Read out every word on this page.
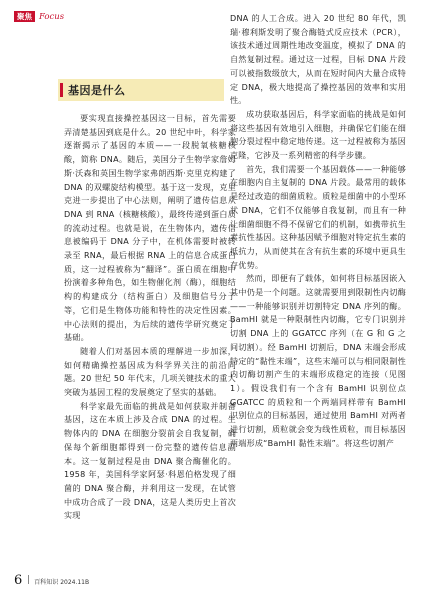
聚焦 Focus
基因是什么

要实现直接操控基因这一目标，首先需要弄清楚基因到底是什么。20 世纪中叶，科学家逐渐揭示了基因的本质——一段脱氧核糖核酸，简称 DNA。随后，美国分子生物学家詹姆斯·沃森和英国生物学家弗朗西斯·克里克构建了 DNA 的双螺旋结构模型。基于这一发现，克里克进一步提出了中心法则，阐明了遗传信息从 DNA 到 RNA（核糖核酸），最终传递到蛋白质的流动过程。也就是说，在生物体内，遗传信息被编码于 DNA 分子中，在机体需要时被转录至 RNA，最后根据 RNA 上的信息合成蛋白质，这一过程被称为“翻译”。蛋白质在细胞中扮演着多种角色，如生物催化剂（酶），细胞结构的构建成分（结构蛋白）及细胞信号分子等，它们是生物体功能和特性的决定性因素。中心法则的提出，为后续的遗传学研究奠定了基础。

随着人们对基因本质的理解进一步加深，如何精确操控基因成为科学界关注的前沿问题。20 世纪 50 年代末，几项关键技术的重大突破为基因工程的发展奠定了坚实的基础。

科学家最先面临的挑战是如何获取并制备基因，这在本质上涉及合成 DNA 的过程。生物体内的 DNA 在细胞分裂前会自我复制，确保每个新细胞都得到一份完整的遗传信息副本。这一复制过程是由 DNA 聚合酶催化的。1958 年，美国科学家阿瑟·科恩伯格发现了细菌的 DNA 聚合酶，并利用这一发现，在试管中成功合成了一段 DNA，这是人类历史上首次实现

DNA 的人工合成。进入 20 世纪 80 年代，凯瑞·穆利斯发明了聚合酶链式反应技术（PCR），该技术通过周期性地改变温度，模拟了 DNA 的自然复制过程。通过这一过程，目标 DNA 片段可以被指数级放大，从而在短时间内大量合成特定 DNA，极大地提高了操控基因的效率和实用性。

成功获取基因后，科学家面临的挑战是如何将这些基因有效地引入细胞，并确保它们能在细胞分裂过程中稳定地传递。这一过程被称为基因克隆，它涉及一系列精密的科学步骤。

首先，我们需要一个基因载体——一种能够在细胞内自主复制的 DNA 片段。最常用的载体是经过改造的细菌质粒。质粒是细菌中的小型环状 DNA，它们不仅能够自我复制，而且有一种让细菌细胞不得不保留它们的机制，如携带抗生素抗性基因。这种基因赋予细胞对特定抗生素的抵抗力，从而使其在含有抗生素的环境中更具生存优势。

然而，即便有了载体，如何将目标基因嵌入其中仍是一个问题。这就需要用到限制性内切酶——一种能够识别并切割特定 DNA 序列的酶。BamHI 就是一种限制性内切酶，它专门识别并切割 DNA 上的 GGATCC 序列（在 G 和 G 之间切割）。经 BamHI 切割后，DNA 末端会形成特定的“黏性末端”，这些末端可以与相同限制性内切酶切割产生的末端形成稳定的连接（见图 1）。假设我们有一个含有 BamHI 识别位点 GGATCC 的质粒和一个两端同样带有 BamHI 识别位点的目标基因，通过使用 BamHI 对两者进行切割，质粒就会变为线性质粒，而目标基因两端形成“BamHI 黏性末端”。将这些切割产

6 百科知识 2024.11B
